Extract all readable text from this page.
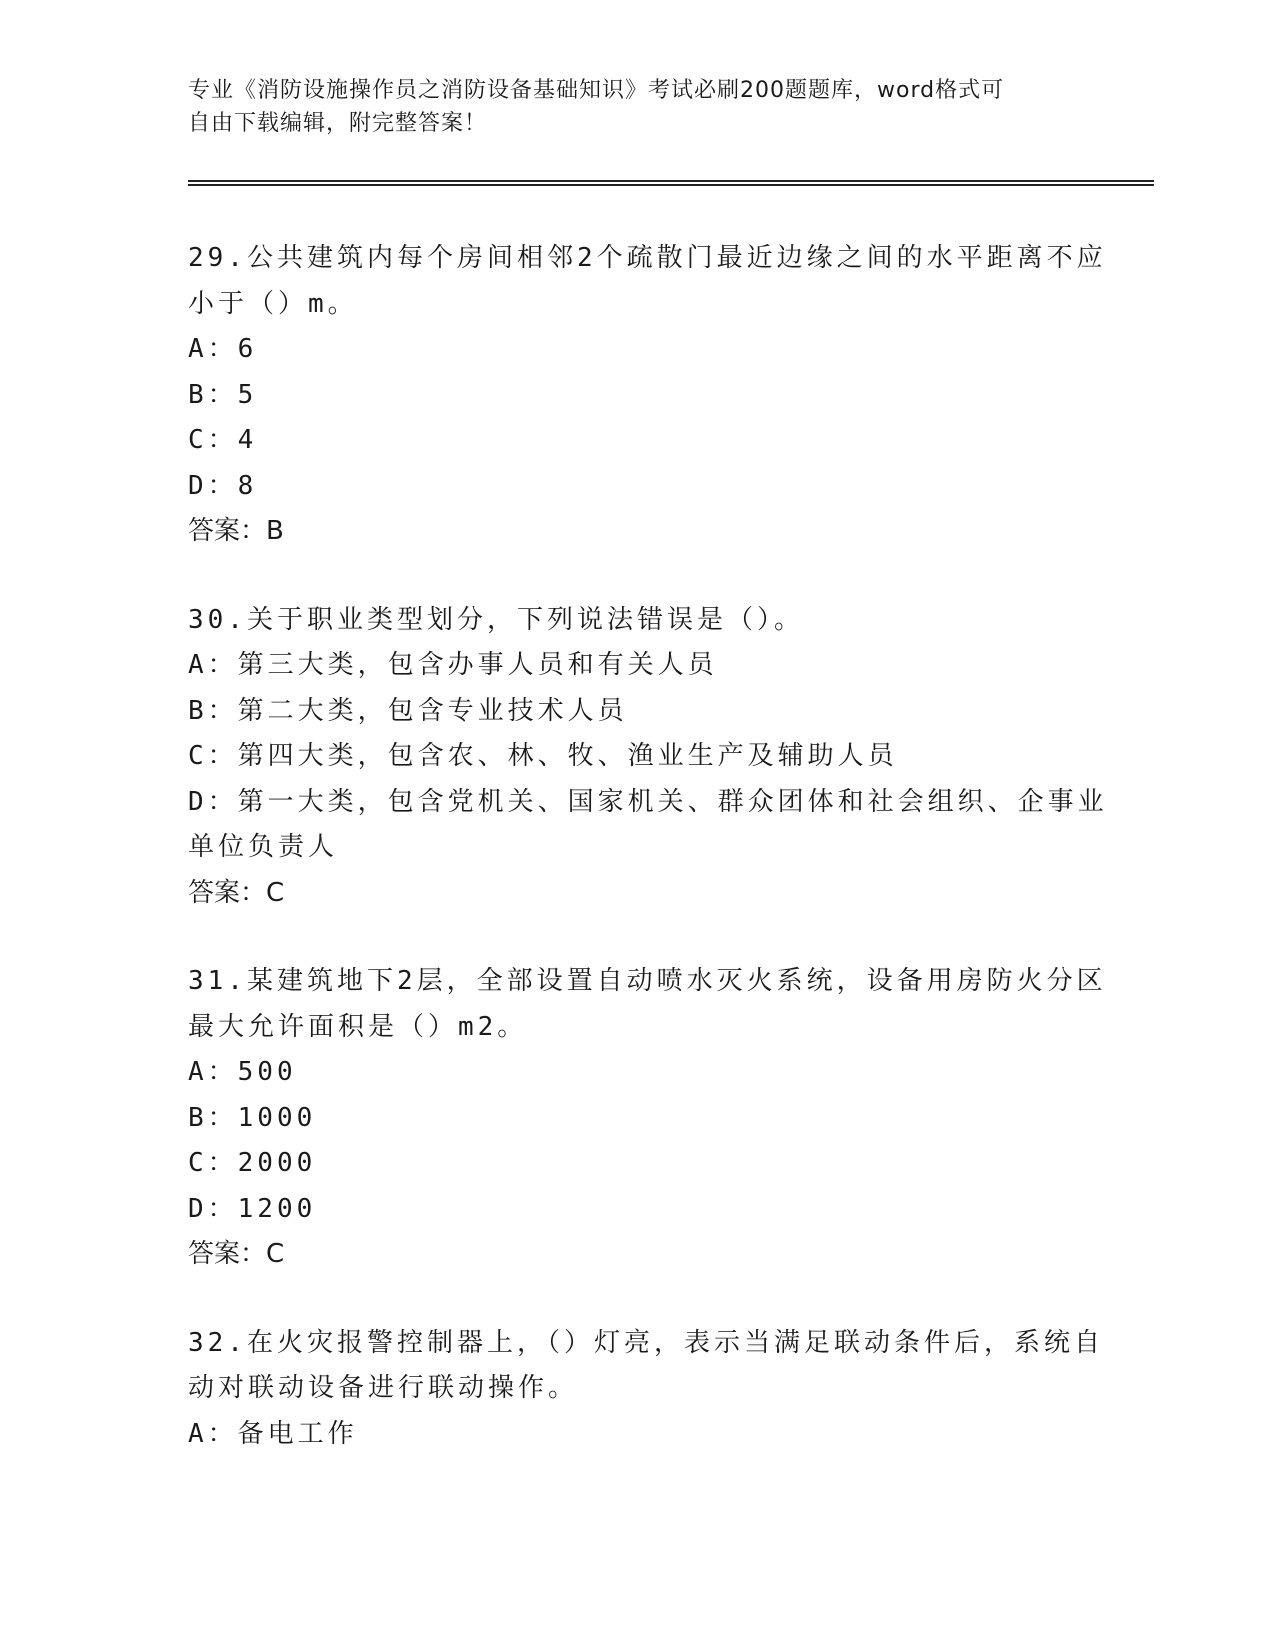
专业《消防设施操作员之消防设备基础知识》考试必刷200题题库，word格式可
自由下载编辑，附完整答案！
29.公共建筑内每个房间相邻2个疏散门最近边缘之间的水平距离不应
小于（）m。
A：6
B：5
C：4
D：8
答案：B
30.关于职业类型划分，下列说法错误是（）。
A：第三大类，包含办事人员和有关人员
B：第二大类，包含专业技术人员
C：第四大类，包含农、林、牧、渔业生产及辅助人员
D：第一大类，包含党机关、国家机关、群众团体和社会组织、企事业
单位负责人
答案：C
31.某建筑地下2层，全部设置自动喷水灭火系统，设备用房防火分区
最大允许面积是（）m2。
A：500
B：1000
C：2000
D：1200
答案：C
32.在火灾报警控制器上，（）灯亮，表示当满足联动条件后，系统自
动对联动设备进行联动操作。
A：备电工作
